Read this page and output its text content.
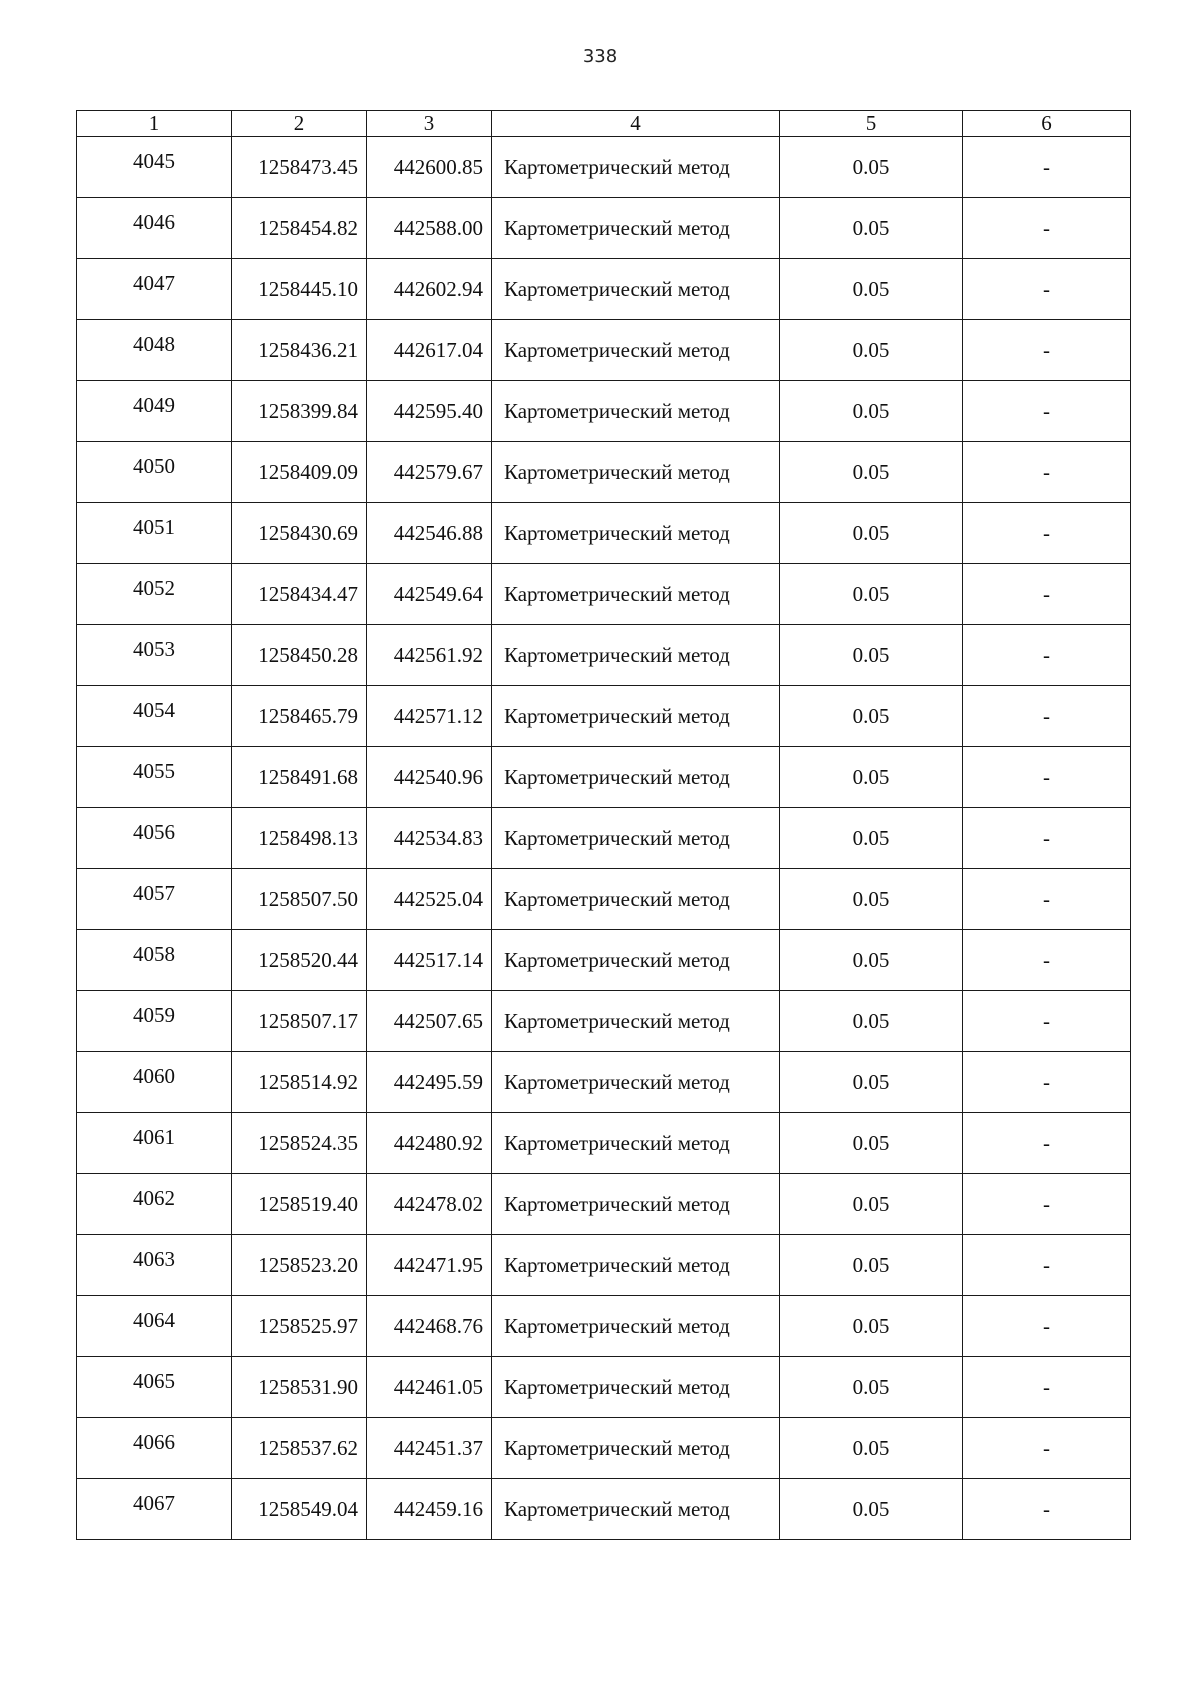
338
1	2	3	4	5	6
4045	1258473.45	442600.85	Картометрический метод	0.05	-
4046	1258454.82	442588.00	Картометрический метод	0.05	-
4047	1258445.10	442602.94	Картометрический метод	0.05	-
4048	1258436.21	442617.04	Картометрический метод	0.05	-
4049	1258399.84	442595.40	Картометрический метод	0.05	-
4050	1258409.09	442579.67	Картометрический метод	0.05	-
4051	1258430.69	442546.88	Картометрический метод	0.05	-
4052	1258434.47	442549.64	Картометрический метод	0.05	-
4053	1258450.28	442561.92	Картометрический метод	0.05	-
4054	1258465.79	442571.12	Картометрический метод	0.05	-
4055	1258491.68	442540.96	Картометрический метод	0.05	-
4056	1258498.13	442534.83	Картометрический метод	0.05	-
4057	1258507.50	442525.04	Картометрический метод	0.05	-
4058	1258520.44	442517.14	Картометрический метод	0.05	-
4059	1258507.17	442507.65	Картометрический метод	0.05	-
4060	1258514.92	442495.59	Картометрический метод	0.05	-
4061	1258524.35	442480.92	Картометрический метод	0.05	-
4062	1258519.40	442478.02	Картометрический метод	0.05	-
4063	1258523.20	442471.95	Картометрический метод	0.05	-
4064	1258525.97	442468.76	Картометрический метод	0.05	-
4065	1258531.90	442461.05	Картометрический метод	0.05	-
4066	1258537.62	442451.37	Картометрический метод	0.05	-
4067	1258549.04	442459.16	Картометрический метод	0.05	-
